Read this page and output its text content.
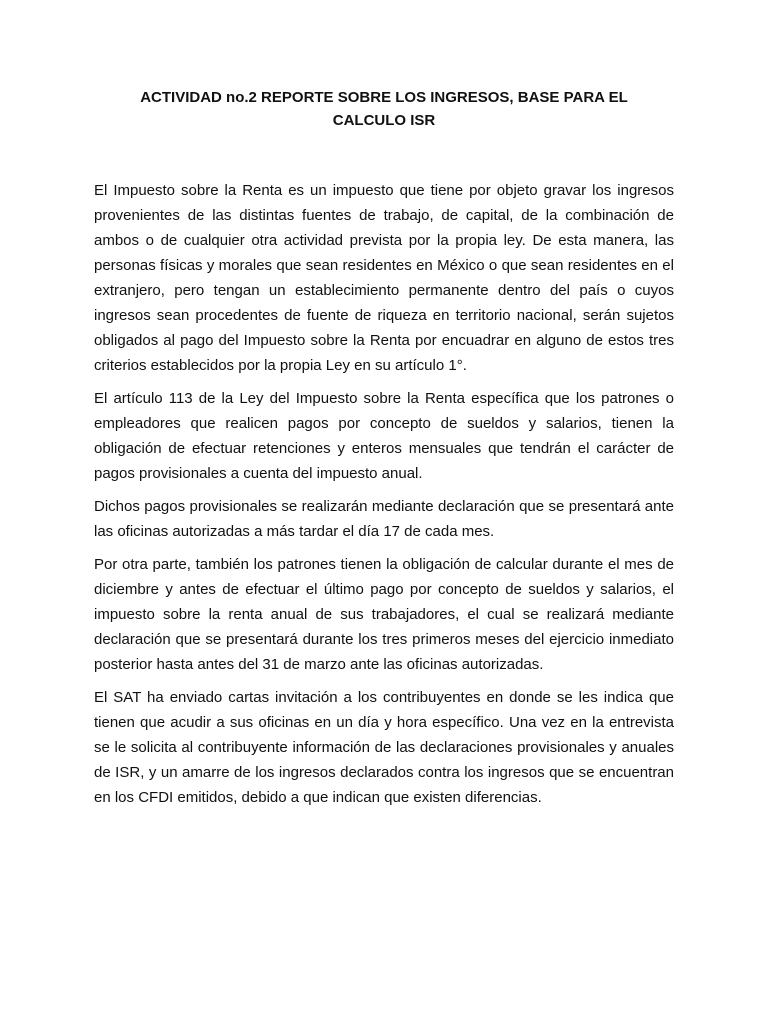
ACTIVIDAD no.2 REPORTE SOBRE LOS INGRESOS, BASE PARA EL
CALCULO ISR

El Impuesto sobre la Renta es un impuesto que tiene por objeto gravar los ingresos provenientes de las distintas fuentes de trabajo, de capital, de la combinación de ambos o de cualquier otra actividad prevista por la propia ley. De esta manera, las personas físicas y morales que sean residentes en México o que sean residentes en el extranjero, pero tengan un establecimiento permanente dentro del país o cuyos ingresos sean procedentes de fuente de riqueza en territorio nacional, serán sujetos obligados al pago del Impuesto sobre la Renta por encuadrar en alguno de estos tres criterios establecidos por la propia Ley en su artículo 1°.

El artículo 113 de la Ley del Impuesto sobre la Renta específica que los patrones o empleadores que realicen pagos por concepto de sueldos y salarios, tienen la obligación de efectuar retenciones y enteros mensuales que tendrán el carácter de pagos provisionales a cuenta del impuesto anual.

Dichos pagos provisionales se realizarán mediante declaración que se presentará ante las oficinas autorizadas a más tardar el día 17 de cada mes.

Por otra parte, también los patrones tienen la obligación de calcular durante el mes de diciembre y antes de efectuar el último pago por concepto de sueldos y salarios, el impuesto sobre la renta anual de sus trabajadores, el cual se realizará mediante declaración que se presentará durante los tres primeros meses del ejercicio inmediato posterior hasta antes del 31 de marzo ante las oficinas autorizadas.

El SAT ha enviado cartas invitación a los contribuyentes en donde se les indica que tienen que acudir a sus oficinas en un día y hora específico. Una vez en la entrevista se le solicita al contribuyente información de las declaraciones provisionales y anuales de ISR, y un amarre de los ingresos declarados contra los ingresos que se encuentran en los CFDI emitidos, debido a que indican que existen diferencias.
